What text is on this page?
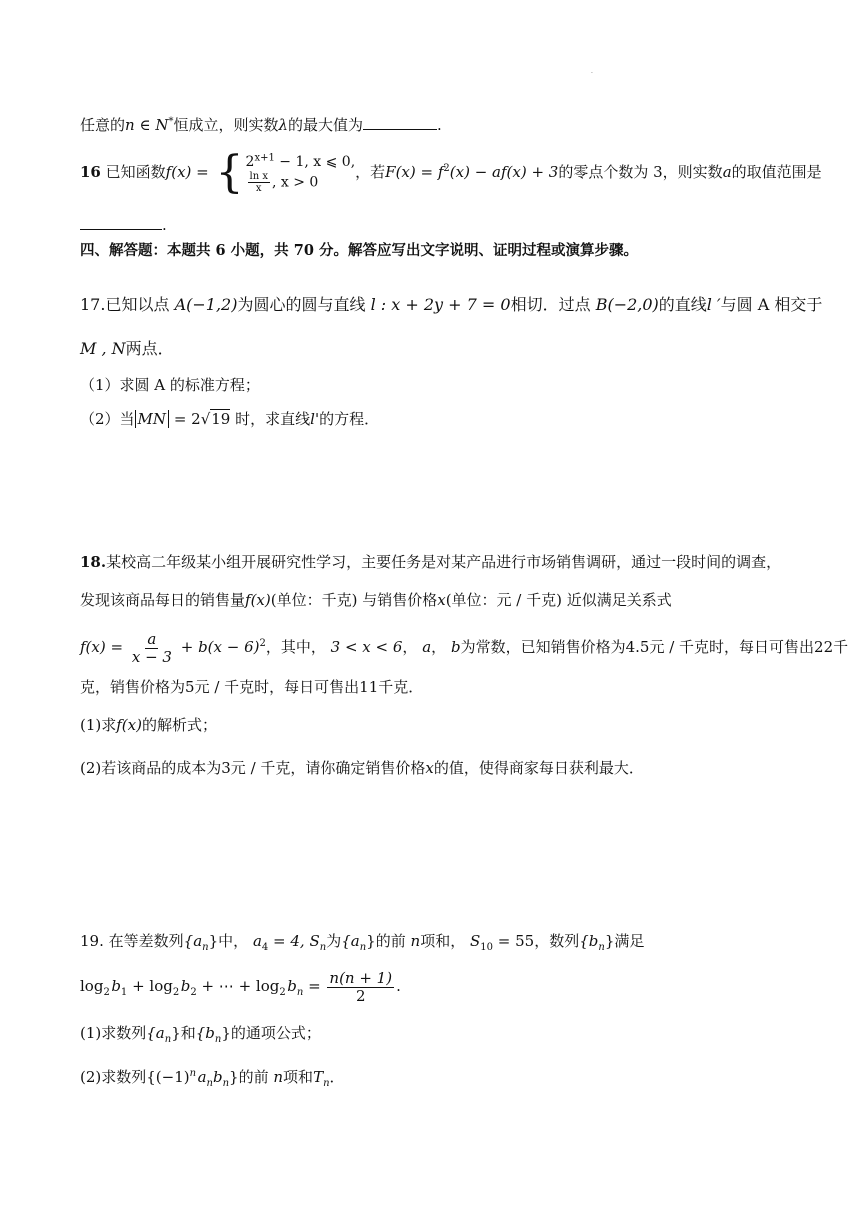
·
任意的n ∈ N*恒成立，则实数λ的最大值为	.
16 已知函数f(x) = { $2^{x+1} - 1$, x ⩽ 0,
$\frac{\text{ln x}}{x}$ , x > 0
，若$F(x) = f^2(x) - af(x) + 3$的零点个数为 3，则实数a的取值范围是
.
四、解答题：本题共 6 小题，共 70 分。解答应写出文字说明、证明过程或演算步骤。
17.已知以点 A(−1,2)为圆心的圆与直线 l : x + 2y + 7 = 0相切．过点 B(−2,0)的直线l ′与圆 A 相交于
M , N两点．
（1）求圆 A 的标准方程；
（2）当 MN = 2√19 时，求直线l'的方程．
18.某校高二年级某小组开展研究性学习，主要任务是对某产品进行市场销售调研，通过一段时间的调查，
发现该商品每日的销售量f(x)(单位：千克) 与销售价格x(单位：元 / 千克) 近似满足关系式
$f(x) = \frac{a}{x - 3} + b(x - 6)^2$，其中， 3 < x < 6， a， b为常数，已知销售价格为4.5元 / 千克时，每日可售出22千
克，销售价格为5元 / 千克时，每日可售出11千克．
(1)求f(x)的解析式；
(2)若该商品的成本为3元 / 千克，请你确定销售价格x的值，使得商家每日获利最大．
19. 在等差数列$\{a_n\}$中， $a_4 = 4$, $S_n$为$\{a_n\}$的前 n项和， $S_{10} = 55$，数列$\{b_n\}$满足
$\log_2$  $b_1 + \log_2$  $b_2$ + ⋯ + $\log_2$  $b_n = \frac{n(n + 1)}{2}$ .
(1)求数列$\{a_n\}$和$\{b_n\}$的通项公式；
(2)求数列{$(-1)^n$  $a_nb_n$}的前 n项和$T_n$．
